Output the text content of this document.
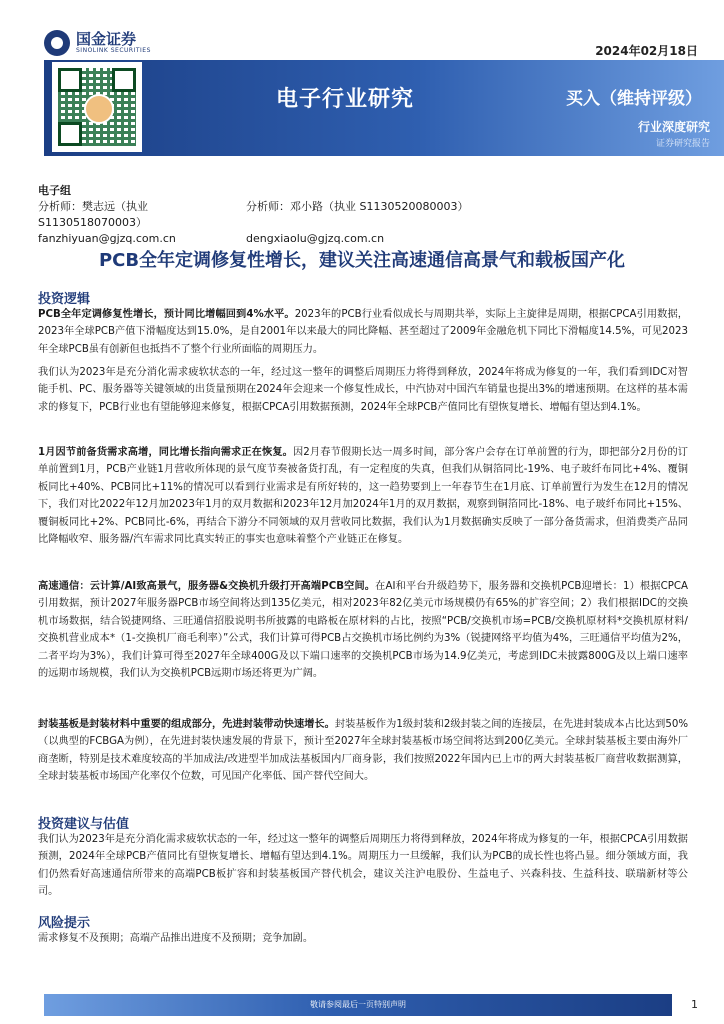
国金证券
SINOLINK SECURITIES	2024年02月18日
电子行业研究	买入（维持评级）
行业深度研究
证券研究报告
电子组
分析师：樊志远（执业 S1130518070003）
分析师：邓小路（执业 S1130520080003）
fanzhiyuan@gjzq.com.cn	dengxiaolu@gjzq.com.cn
PCB全年定调修复性增长，建议关注高速通信高景气和载板国产化
投资逻辑
PCB全年定调修复性增长，预计同比增幅回到4%水平。2023年的PCB行业看似成长与周期共举，实际上主旋律是周期，根据CPCA引用数据，2023年全球PCB产值下滑幅度达到15.0%，是自2001年以来最大的同比降幅、甚至超过了2009年金融危机下同比下滑幅度14.5%，可见2023年全球PCB虽有创新但也抵挡不了整个行业所面临的周期压力。
我们认为2023年是充分消化需求疲软状态的一年，经过这一整年的调整后周期压力将得到释放，2024年将成为修复的一年，我们看到IDC对智能手机、PC、服务器等关键领域的出货量预期在2024年会迎来一个修复性成长，中汽协对中国汽车销量也提出3%的增速预期。在这样的基本需求的修复下，PCB行业也有望能够迎来修复，根据CPCA引用数据预测，2024年全球PCB产值同比有望恢复增长、增幅有望达到4.1%。
1月因节前备货需求高增，同比增长指向需求正在恢复。因2月春节假期长达一周多时间，部分客户会存在订单前置的行为，即把部分2月份的订单前置到1月，PCB产业链1月营收所体现的景气度节奏被备货打乱，有一定程度的失真，但我们从铜箔同比-19%、电子玻纤布同比+4%、覆铜板同比+40%、PCB同比+11%的情况可以看到行业需求是有所好转的，这一趋势要到上一年春节生在1月底、订单前置行为发生在12月的情况下，我们对比2022年12月加2023年1月的双月数据和2023年12月加2024年1月的双月数据，观察到铜箔同比-18%、电子玻纤布同比+15%、覆铜板同比+2%、PCB同比-6%，再结合下游分不同领域的双月营收同比数据，我们认为1月数据确实反映了一部分备货需求，但消费类产品同比降幅收窄、服务器/汽车需求同比真实转正的事实也意味着整个产业链正在修复。
高速通信：云计算/AI致高景气，服务器&交换机升级打开高端PCB空间。在AI和平台升级趋势下，服务器和交换机PCB迎增长：1）根据CPCA引用数据，预计2027年服务器PCB市场空间将达到135亿美元，相对2023年82亿美元市场规模仍有65%的扩容空间；2）我们根据IDC的交换机市场数据，结合锐捷网络、三旺通信招股说明书所披露的电路板在原材料的占比，按照“PCB/交换机市场=PCB/交换机原材料*交换机原材料/交换机营业成本*（1-交换机厂商毛利率）”公式，我们计算可得PCB占交换机市场比例约为3%（锐捷网络平均值为4%，三旺通信平均值为2%，二者平均为3%），我们计算可得至2027年全球400G及以下端口速率的交换机PCB市场为14.9亿美元，考虑到IDC未披露800G及以上端口速率的远期市场规模，我们认为交换机PCB远期市场还将更为广阔。
封装基板是封装材料中重要的组成部分，先进封装带动快速增长。封装基板作为1级封装和2级封装之间的连接层，在先进封装成本占比达到50%（以典型的FCBGA为例），在先进封装快速发展的背景下，预计至2027年全球封装基板市场空间将达到200亿美元。全球封装基板主要由海外厂商垄断，特别是技术难度较高的半加成法/改进型半加成法基板国内厂商身影，我们按照2022年国内已上市的两大封装基板厂商营收数据测算，全球封装基板市场国产化率仅个位数，可见国产化率低、国产替代空间大。
投资建议与估值
我们认为2023年是充分消化需求疲软状态的一年，经过这一整年的调整后周期压力将得到释放，2024年将成为修复的一年，根据CPCA引用数据预测，2024年全球PCB产值同比有望恢复增长、增幅有望达到4.1%。周期压力一旦缓解，我们认为PCB的成长性也将凸显。细分领域方面，我们仍然看好高速通信所带来的高端PCB板扩容和封装基板国产替代机会，建议关注沪电股份、生益电子、兴森科技、生益科技、联瑞新材等公司。
风险提示
需求修复不及预期；高端产品推出进度不及预期；竞争加剧。
敬请参阅最后一页特别声明	1
